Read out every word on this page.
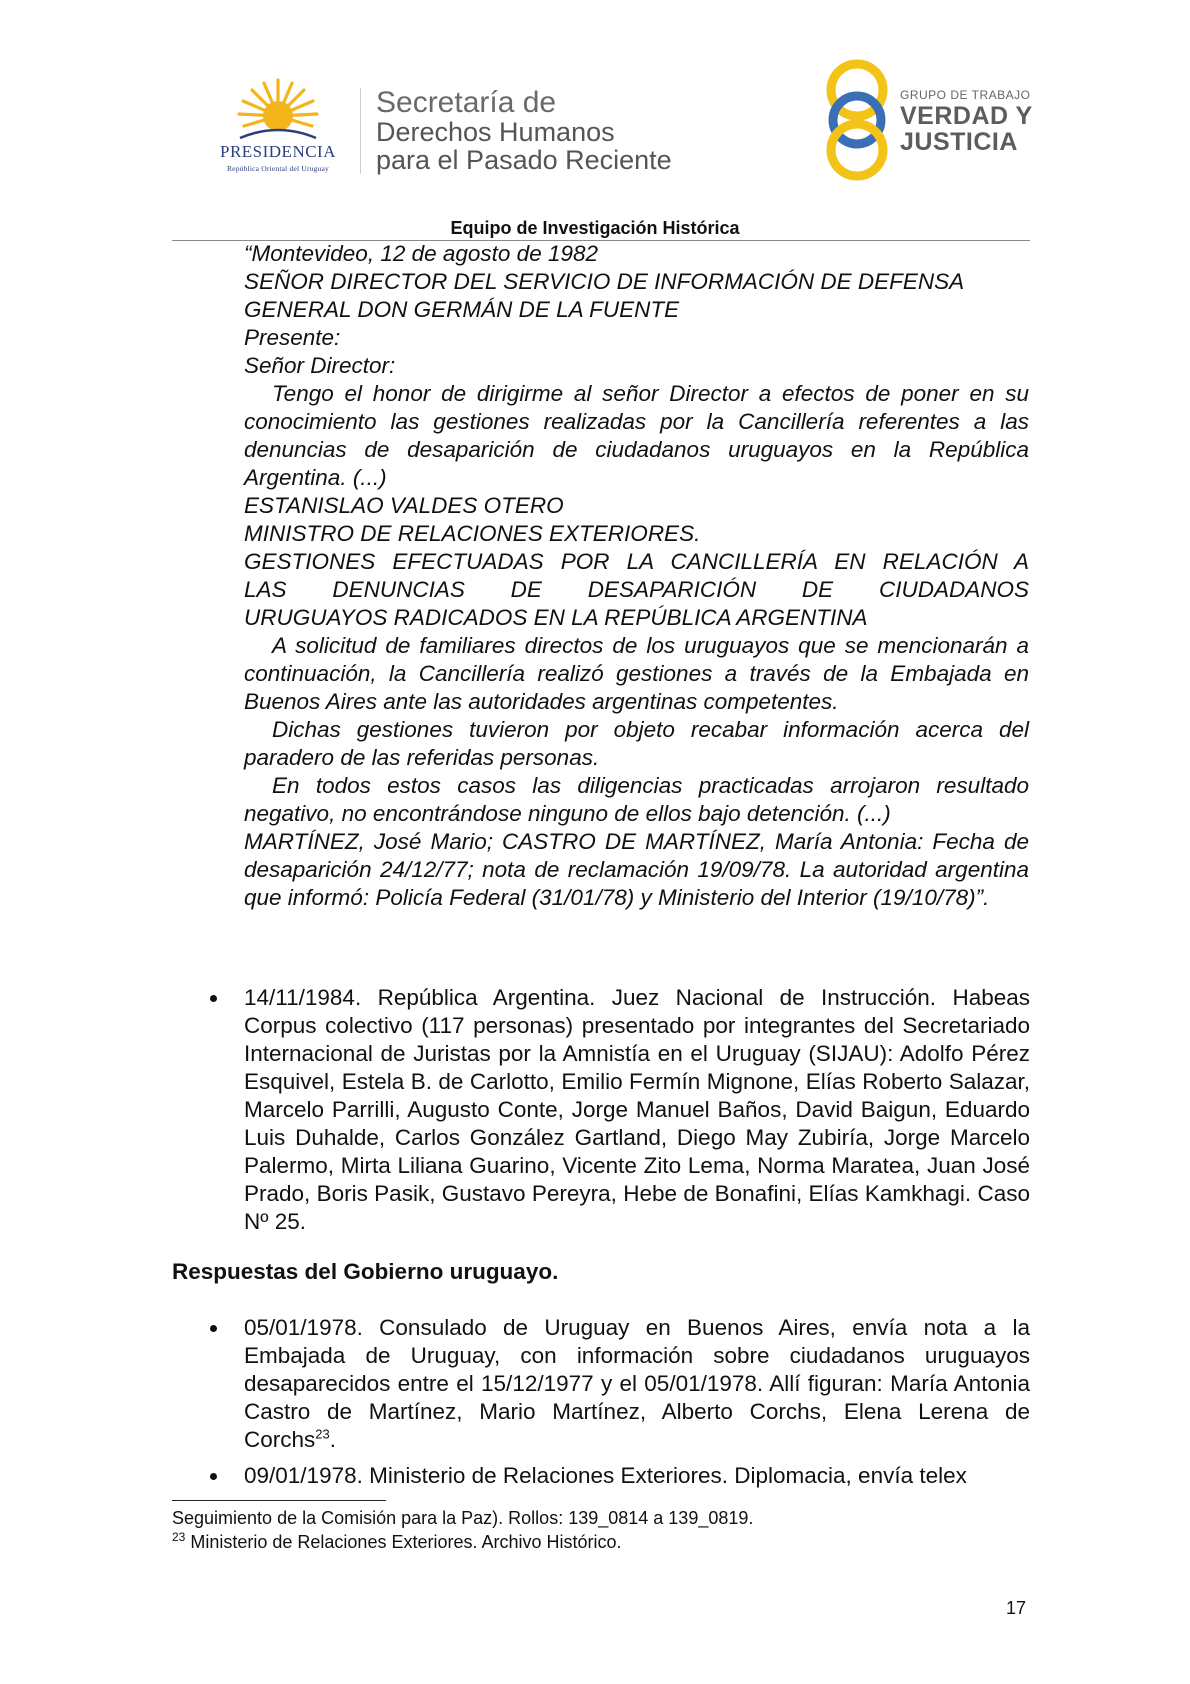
PRESIDENCIA
República Oriental del Uruguay
Secretaría de
Derechos Humanos
para el Pasado Reciente
GRUPO DE TRABAJO
VERDAD Y
JUSTICIA
Equipo de Investigación Histórica

“Montevideo, 12 de agosto de 1982

SEÑOR DIRECTOR DEL SERVICIO DE INFORMACIÓN DE DEFENSA

GENERAL DON GERMÁN DE LA FUENTE

Presente:

Señor Director:

Tengo el honor de dirigirme al señor Director a efectos de poner en su conocimiento las gestiones realizadas por la Cancillería referentes a las denuncias de desaparición de ciudadanos uruguayos en la República Argentina. (...)

ESTANISLAO VALDES OTERO

MINISTRO DE RELACIONES EXTERIORES.

GESTIONES EFECTUADAS POR LA CANCILLERÍA EN RELACIÓN A

LAS DENUNCIAS DE DESAPARICIÓN DE CIUDADANOS

URUGUAYOS RADICADOS EN LA REPÚBLICA ARGENTINA

A solicitud de familiares directos de los uruguayos que se mencionarán a continuación, la Cancillería realizó gestiones a través de la Embajada en Buenos Aires ante las autoridades argentinas competentes.

Dichas gestiones tuvieron por objeto recabar información acerca del paradero de las referidas personas.

En todos estos casos las diligencias practicadas arrojaron resultado negativo, no encontrándose ninguno de ellos bajo detención. (...)

MARTÍNEZ, José Mario; CASTRO DE MARTÍNEZ, María Antonia: Fecha de desaparición 24/12/77; nota de reclamación 19/09/78. La autoridad argentina que informó: Policía Federal (31/01/78) y Ministerio del Interior (19/10/78)”.

14/11/1984. República Argentina. Juez Nacional de Instrucción. Habeas Corpus colectivo (117 personas) presentado por integrantes del Secretariado Internacional de Juristas por la Amnistía en el Uruguay (SIJAU): Adolfo Pérez Esquivel, Estela B. de Carlotto, Emilio Fermín Mignone, Elías Roberto Salazar, Marcelo Parrilli, Augusto Conte, Jorge Manuel Baños, David Baigun, Eduardo Luis Duhalde, Carlos González Gartland, Diego May Zubiría, Jorge Marcelo Palermo, Mirta Liliana Guarino, Vicente Zito Lema, Norma Maratea, Juan José Prado, Boris Pasik, Gustavo Pereyra, Hebe de Bonafini, Elías Kamkhagi. Caso Nº 25.

Respuestas del Gobierno uruguayo.

05/01/1978. Consulado de Uruguay en Buenos Aires, envía nota a la Embajada de Uruguay, con información sobre ciudadanos uruguayos desaparecidos entre el 15/12/1977 y el 05/01/1978. Allí figuran: María Antonia Castro de Martínez, Mario Martínez, Alberto Corchs, Elena Lerena de Corchs$^{23}$.

09/01/1978. Ministerio de Relaciones Exteriores. Diplomacia, envía telex

Seguimiento de la Comisión para la Paz). Rollos: 139_0814 a 139_0819.

$^{23}$ Ministerio de Relaciones Exteriores. Archivo Histórico.

17
